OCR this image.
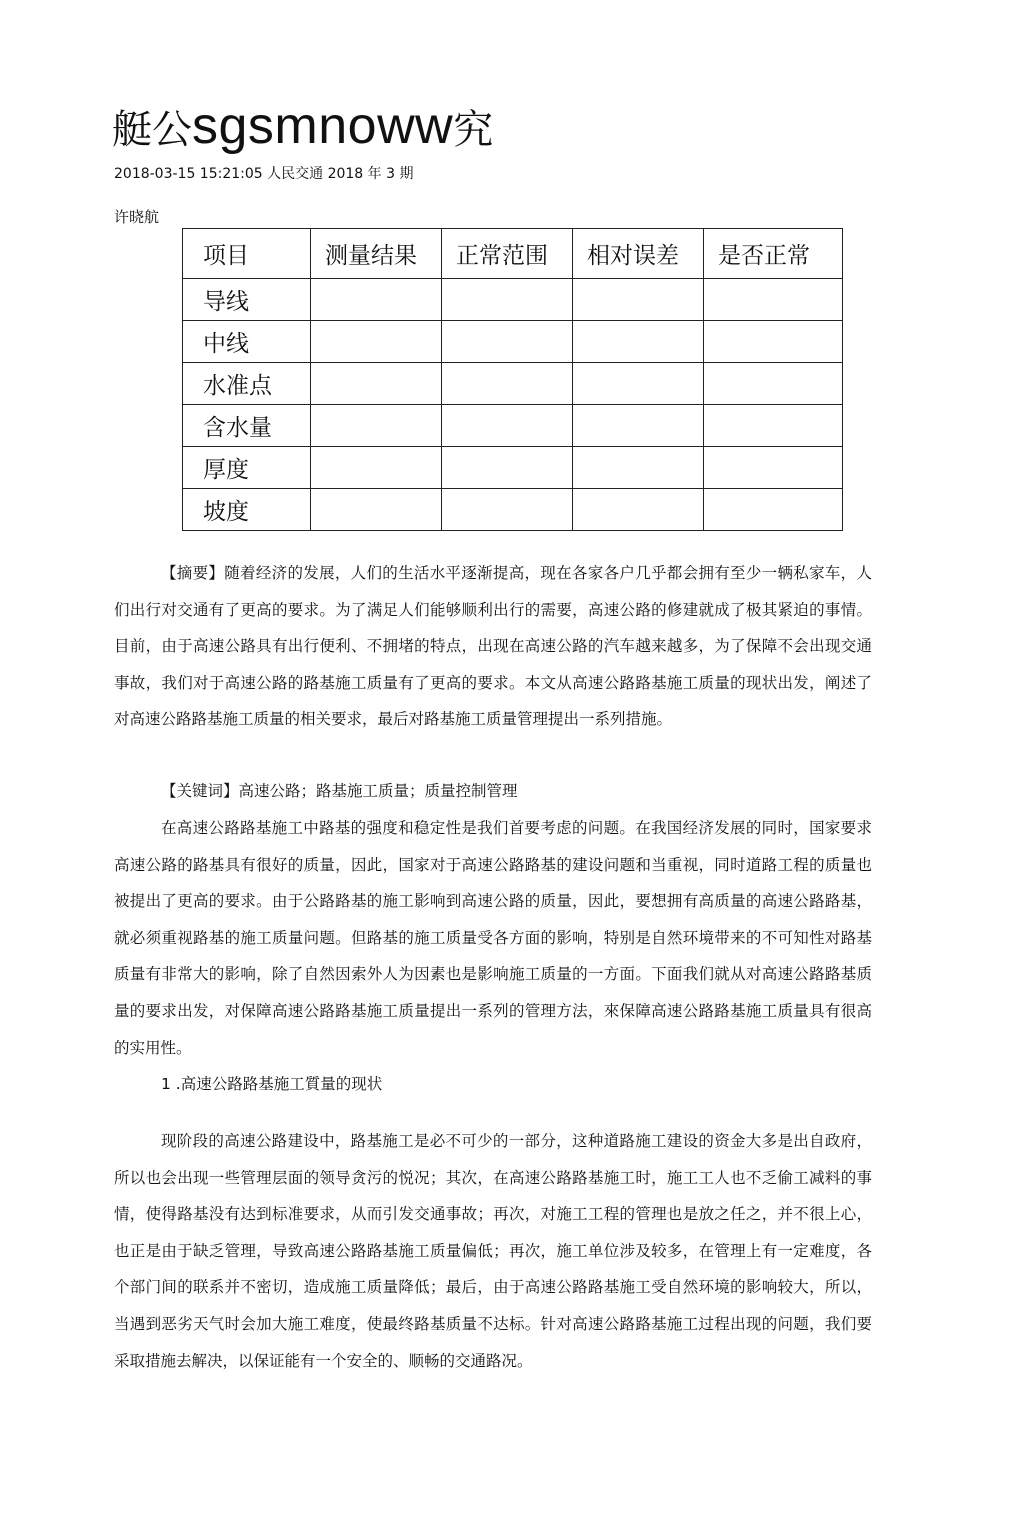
艇公sgsmnoww究
2018-03-15 15:21:05 人民交通 2018 年 3 期
许晓航
项目	测量结果	正常范围	相对误差	是否正常
导线				
中线				
水准点				
含水量				
厚度				
坡度				

【摘要】随着经济的发展，人们的生活水平逐渐提高，现在各家各户几乎都会拥有至少一辆私家车，人们出行对交通有了更高的要求。为了满足人们能够顺利出行的需要，高速公路的修建就成了极其紧迫的事情。目前，由于高速公路具有出行便利、不拥堵的特点，出现在高速公路的汽车越来越多，为了保障不会出现交通事故，我们对于高速公路的路基施工质量有了更高的要求。本文从高速公路路基施工质量的现状出发，阐述了对高速公路路基施工质量的相关要求，最后对路基施工质量管理提出一系列措施。

【关键词】高速公路；路基施工质量；质量控制管理

在高速公路路基施工中路基的强度和稳定性是我们首要考虑的问题。在我国经济发展的同时，国家要求高速公路的路基具有很好的质量，因此，国家对于高速公路路基的建设问题和当重视，同时道路工程的质量也被提出了更高的要求。由于公路路基的施工影响到高速公路的质量，因此，要想拥有高质量的高速公路路基，就必须重视路基的施工质量问题。但路基的施工质量受各方面的影响，特别是自然环境带来的不可知性对路基质量有非常大的影响，除了自然因索外人为因素也是影响施工质量的一方面。下面我们就从对高速公路路基质量的要求出发，对保障高速公路路基施工质量提出一系列的管理方法，來保障高速公路路基施工质量具有很高的实用性。

1 .高速公路路基施工質量的现状

现阶段的高速公路建设中，路基施工是必不可少的一部分，这种道路施工建设的资金大多是出自政府，所以也会出现一些管理层面的领导贪污的悦况；其次，在高速公路路基施工时，施工工人也不乏偷工减料的事情，使得路基没有达到标准要求，从而引发交通事故；再次，对施工工程的管理也是放之任之，并不很上心，也正是由于缺乏管理，导致高速公路路基施工质量偏低；再次，施工单位涉及较多，在管理上有一定难度，各个部门间的联系并不密切，造成施工质量降低；最后，由于高速公路路基施工受自然环境的影响较大，所以，当遇到恶劣天气时会加大施工难度，使最终路基质量不达标。针对高速公路路基施工过程出现的问题，我们要采取措施去解决，以保证能有一个安全的、顺畅的交通路况。
